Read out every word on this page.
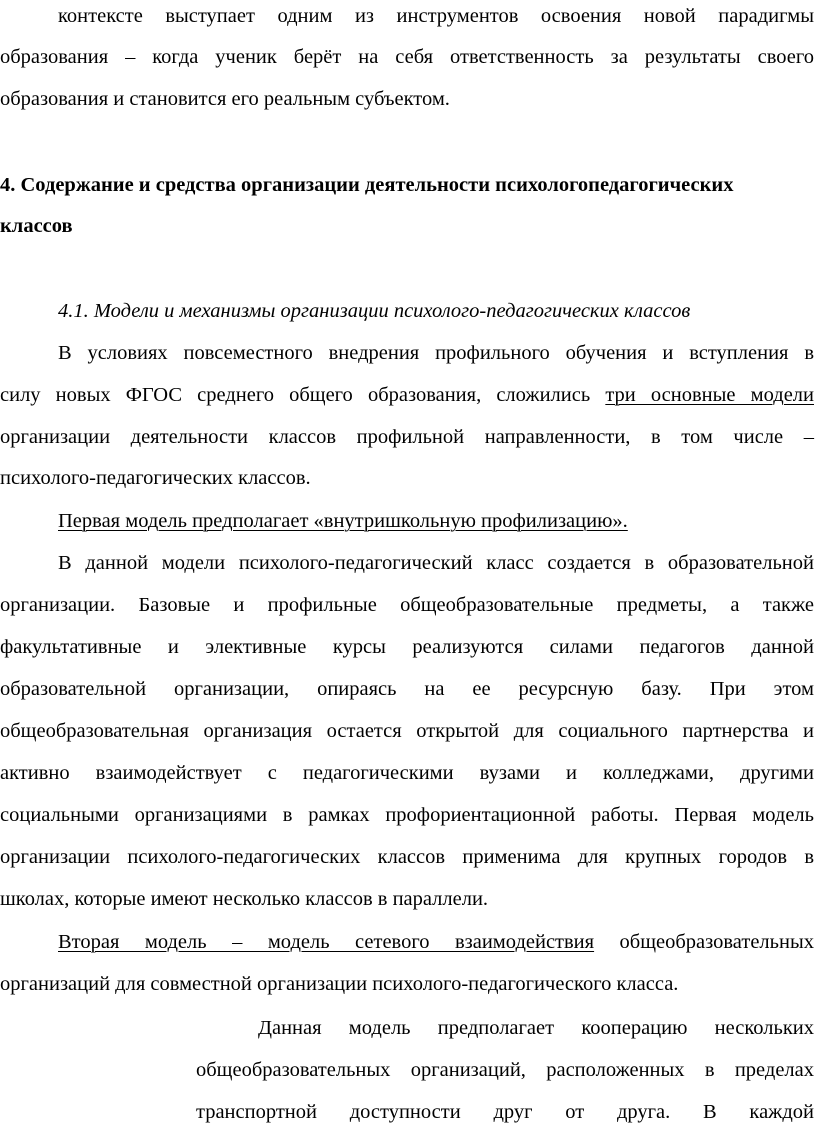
контексте выступает одним из инструментов освоения новой парадигмы
образования – когда ученик берёт на себя ответственность за результаты своего
образования и становится его реальным субъектом.
4. Содержание и средства организации деятельности психологопедагогических
классов
4.1. Модели и механизмы организации психолого-педагогических классов
В условиях повсеместного внедрения профильного обучения и вступления в
силу новых ФГОС среднего общего образования, сложились три основные модели
организации деятельности классов профильной направленности, в том числе –
психолого-педагогических классов.
Первая модель предполагает «внутришкольную профилизацию».
В данной модели психолого-педагогический класс создается в образовательной
организации. Базовые и профильные общеобразовательные предметы, а также
факультативные и элективные курсы реализуются силами педагогов данной
образовательной организации, опираясь на ее ресурсную базу. При этом
общеобразовательная организация остается открытой для социального партнерства и
активно взаимодействует с педагогическими вузами и колледжами, другими
социальными организациями в рамках профориентационной работы. Первая модель
организации психолого-педагогических классов применима для крупных городов в
школах, которые имеют несколько классов в параллели.
Вторая модель – модель сетевого взаимодействия общеобразовательных
организаций для совместной организации психолого-педагогического класса.
Данная модель предполагает кооперацию нескольких
общеобразовательных организаций, расположенных в пределах
транспортной доступности друг от друга. В каждой
